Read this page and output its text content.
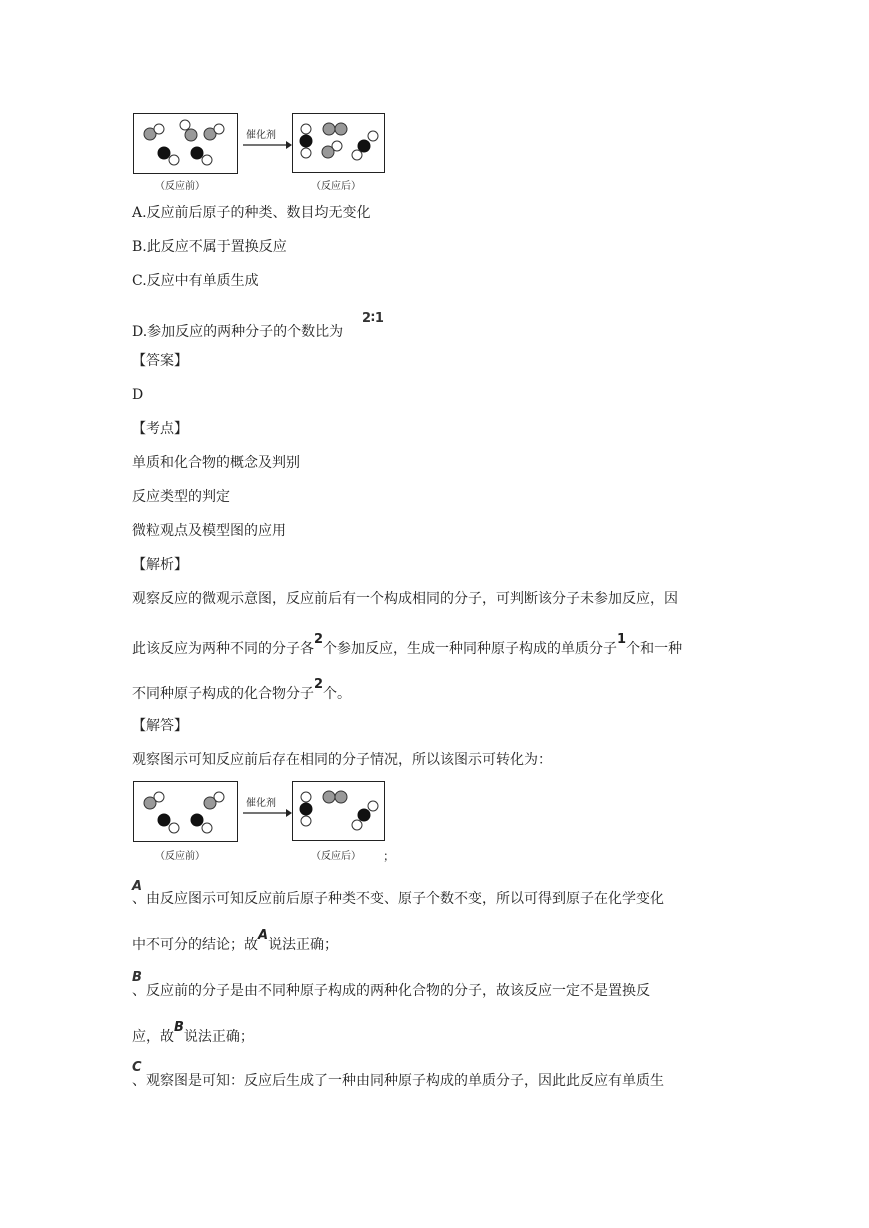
催化剂
（反应前）	（反应后）
A.反应前后原子的种类、数目均无变化
B.此反应不属于置换反应
C.反应中有单质生成
D.参加反应的两种分子的个数比为
2∶1
【答案】
D
【考点】
单质和化合物的概念及判别
反应类型的判定
微粒观点及模型图的应用
【解析】
观察反应的微观示意图，反应前后有一个构成相同的分子，可判断该分子未参加反应，因
此该反应为两种不同的分子各2个参加反应，生成一种同种原子构成的单质分子1个和一种
不同种原子构成的化合物分子2个。
【解答】
观察图示可知反应前后存在相同的分子情况，所以该图示可转化为：
催化剂
（反应前）	（反应后） ；
A
、由反应图示可知反应前后原子种类不变、原子个数不变，所以可得到原子在化学变化
中不可分的结论；故A说法正确；
B
、反应前的分子是由不同种原子构成的两种化合物的分子，故该反应一定不是置换反
应，故B说法正确；
C
、观察图是可知：反应后生成了一种由同种原子构成的单质分子，因此此反应有单质生
